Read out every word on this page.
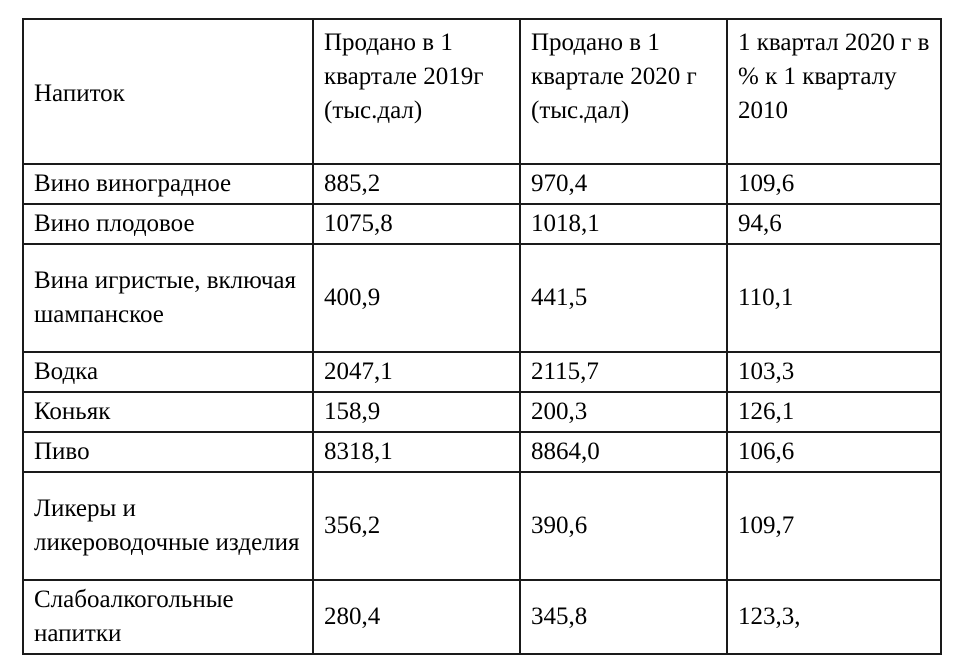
Напиток	Продано в 1 квартале 2019г (тыс.дал)	Продано в 1 квартале 2020 г (тыс.дал)	1 квартал 2020 г в % к 1 кварталу 2010
Вино виноградное	885,2	970,4	109,6
Вино плодовое	1075,8	1018,1	94,6
Вина игристые, включая шампанское	400,9	441,5	110,1
Водка	2047,1	2115,7	103,3
Коньяк	158,9	200,3	126,1
Пиво	8318,1	8864,0	106,6
Ликеры и ликероводочные изделия	356,2	390,6	109,7
Слабоалкогольные напитки	280,4	345,8	123,3,
